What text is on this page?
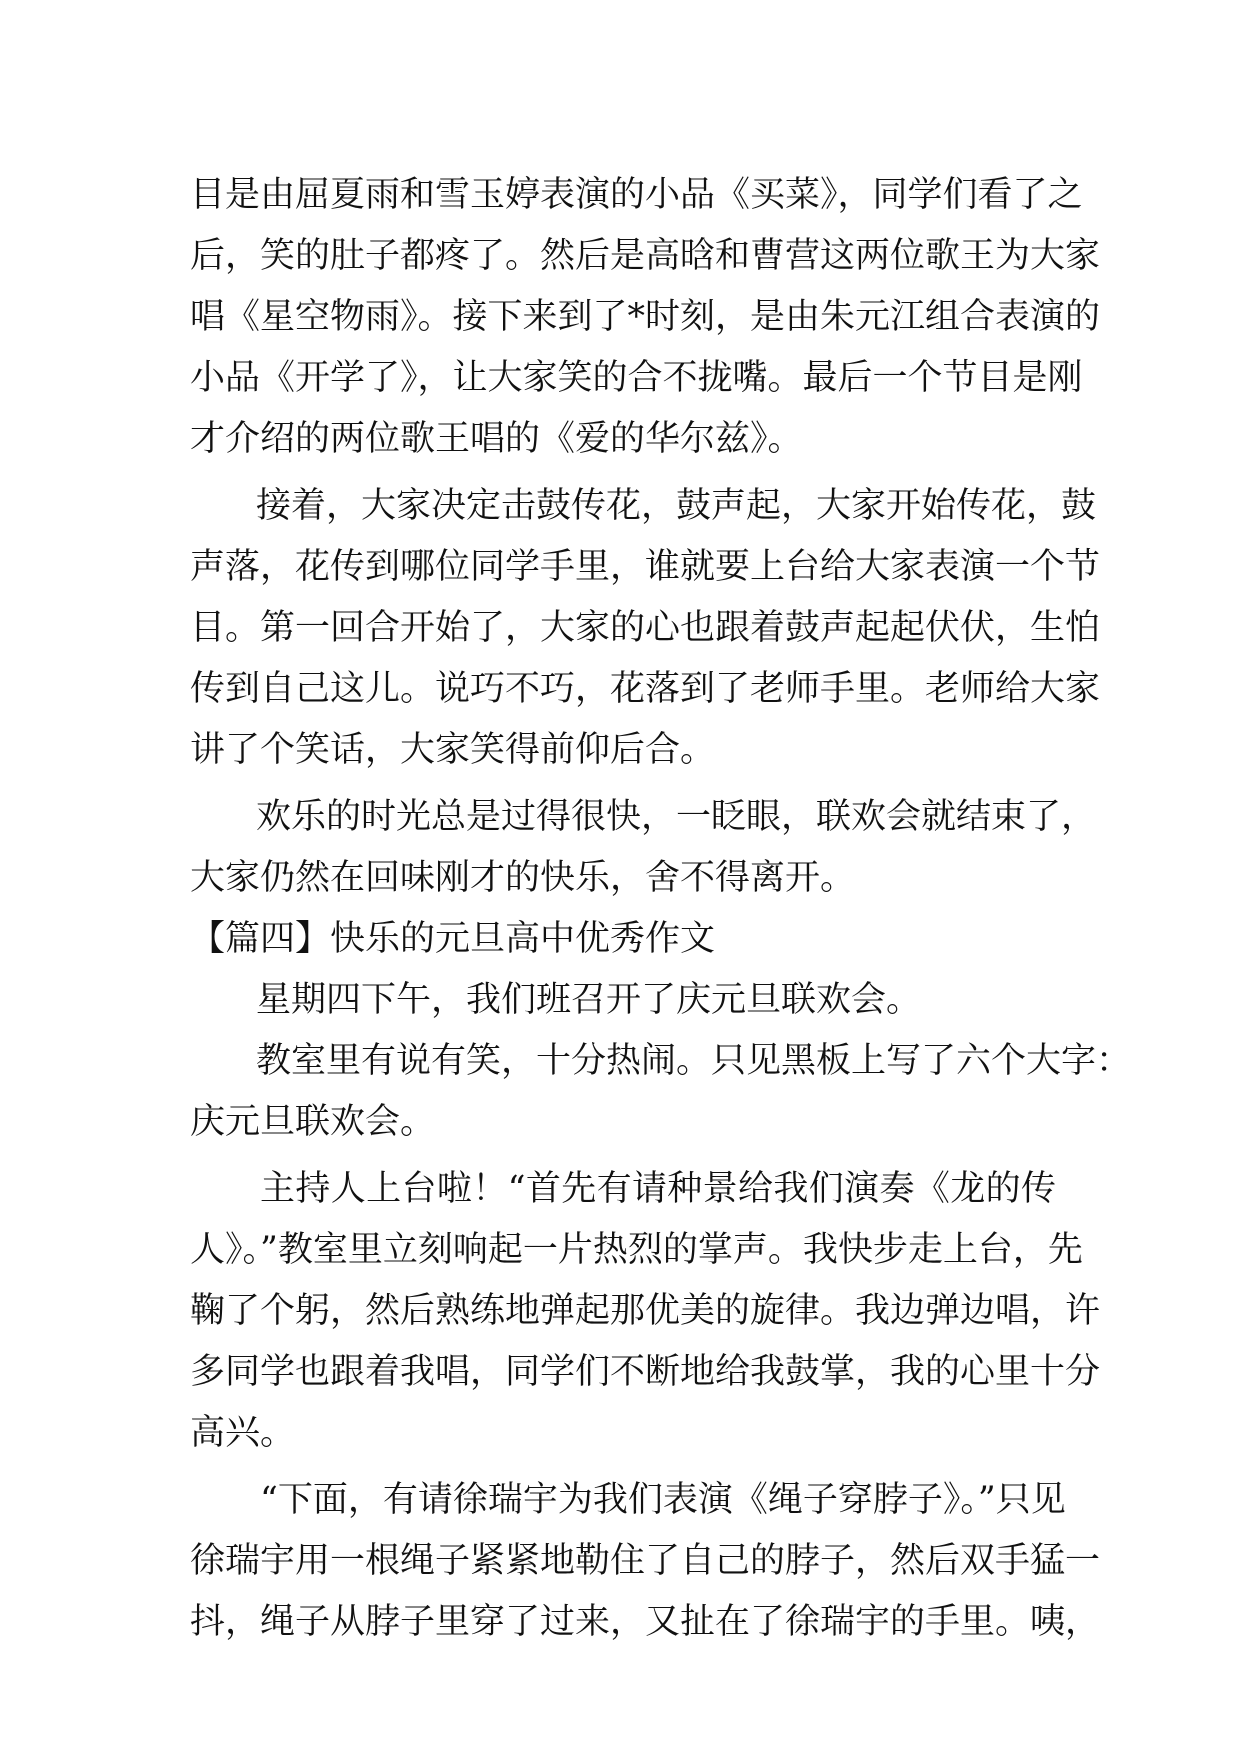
目是由屈夏雨和雪玉婷表演的小品《买菜》，同学们看了之
后，笑的肚子都疼了。然后是高晗和曹营这两位歌王为大家
唱《星空物雨》。接下来到了*时刻，是由朱元江组合表演的
小品《开学了》，让大家笑的合不拢嘴。最后一个节目是刚
才介绍的两位歌王唱的《爱的华尔兹》。
接着，大家决定击鼓传花，鼓声起，大家开始传花，鼓
声落，花传到哪位同学手里，谁就要上台给大家表演一个节
目。第一回合开始了，大家的心也跟着鼓声起起伏伏，生怕
传到自己这儿。说巧不巧，花落到了老师手里。老师给大家
讲了个笑话，大家笑得前仰后合。
欢乐的时光总是过得很快，一眨眼，联欢会就结束了，
大家仍然在回味刚才的快乐，舍不得离开。
【篇四】快乐的元旦高中优秀作文
星期四下午，我们班召开了庆元旦联欢会。
教室里有说有笑，十分热闹。只见黑板上写了六个大字：
庆元旦联欢会。
主持人上台啦！“首先有请种景给我们演奏《龙的传
人》。”教室里立刻响起一片热烈的掌声。我快步走上台，先
鞠了个躬，然后熟练地弹起那优美的旋律。我边弹边唱，许
多同学也跟着我唱，同学们不断地给我鼓掌，我的心里十分
高兴。
“下面，有请徐瑞宇为我们表演《绳子穿脖子》。”只见
徐瑞宇用一根绳子紧紧地勒住了自己的脖子，然后双手猛一
抖，绳子从脖子里穿了过来，又扯在了徐瑞宇的手里。咦，
